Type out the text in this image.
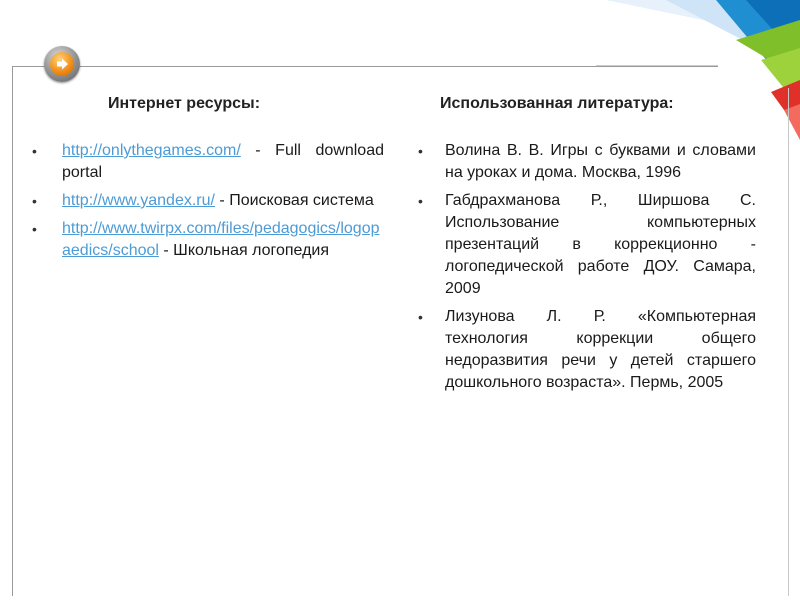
Интернет ресурсы:
•	http://onlythegames.com/ - Full download portal
•	http://www.yandex.ru/ - Поисковая система
•	http://www.twirpx.com/files/pedagogics/logopaedics/school - Школьная логопедия
Использованная литература:
•	Волина В. В. Игры с буквами и словами на уроках и дома. Москва, 1996
•	Габдрахманова Р., Ширшова С. Использование компьютерных презентаций в коррекционно - логопедической работе ДОУ. Самара, 2009
•	Лизунова Л. Р. «Компьютерная технология коррекции общего недоразвития речи у детей старшего дошкольного возраста». Пермь, 2005
